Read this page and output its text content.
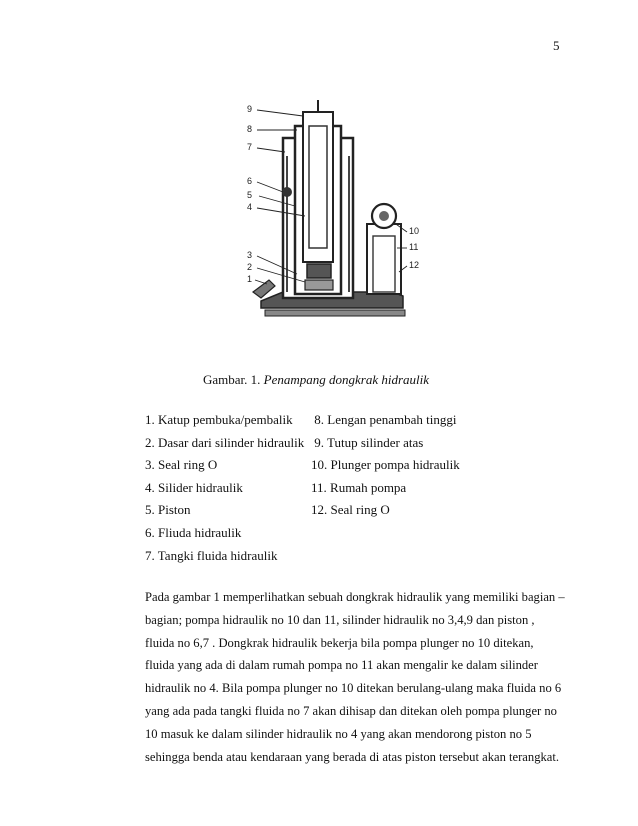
5
9
8
7
6
5
4
3
2
1
10
11
12
Gambar. 1. Penampang dongkrak hidraulik
1. Katup pembuka/pembalik
2. Dasar dari silinder hidraulik
3. Seal ring O
4. Silider hidraulik
5. Piston
6. Fliuda hidraulik
7. Tangki fluida hidraulik
8. Lengan penambah tinggi
9. Tutup silinder atas
10. Plunger pompa hidraulik
11. Rumah pompa
12. Seal ring O
Pada gambar 1 memperlihatkan sebuah dongkrak hidraulik yang memiliki bagian –
bagian; pompa hidraulik no 10 dan 11, silinder hidraulik no 3,4,9 dan piston ,
fluida no 6,7 . Dongkrak hidraulik bekerja bila pompa plunger no 10 ditekan,
fluida yang ada di dalam rumah pompa no 11 akan mengalir ke dalam silinder
hidraulik no 4. Bila pompa plunger no 10 ditekan berulang-ulang maka fluida no 6
yang ada pada tangki fluida no 7 akan dihisap dan ditekan oleh pompa plunger no
10 masuk ke dalam silinder hidraulik no 4 yang akan mendorong piston no 5
sehingga benda atau kendaraan yang berada di atas piston tersebut akan terangkat.
